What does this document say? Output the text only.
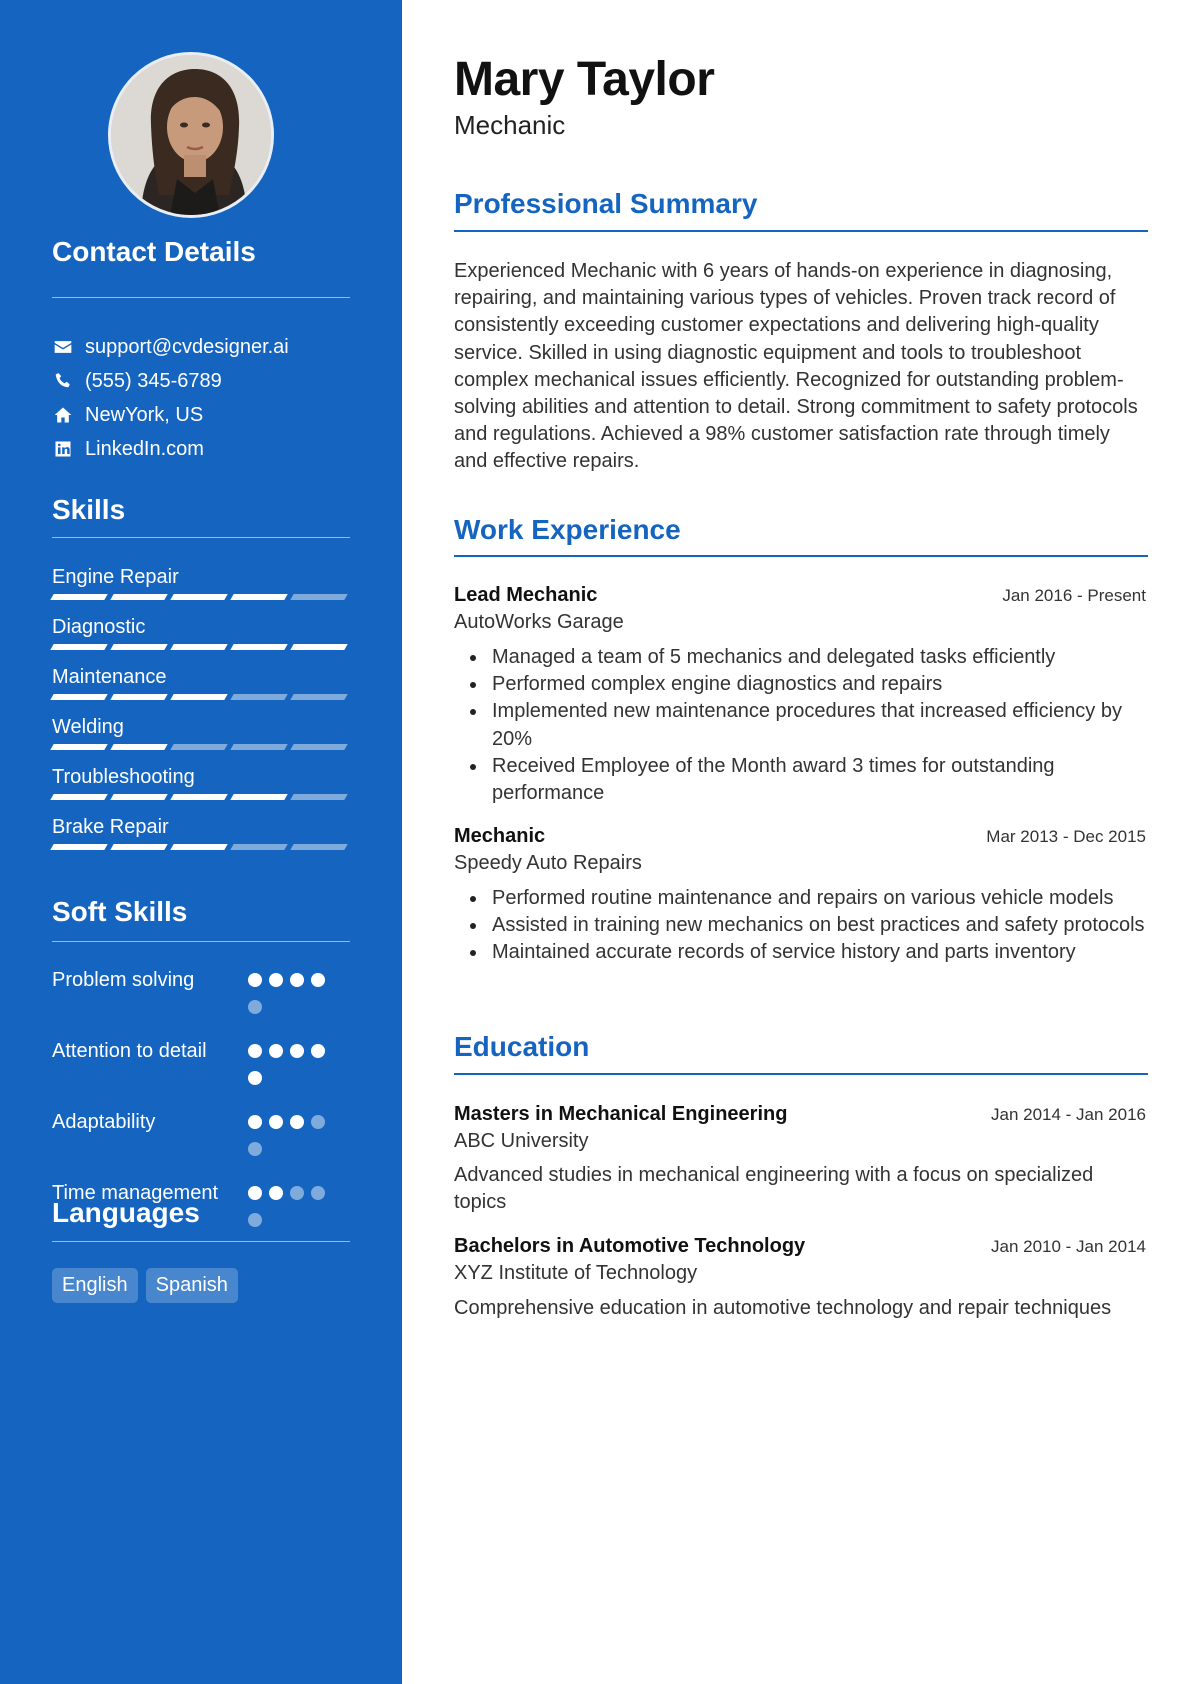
Contact Details
support@cvdesigner.ai
(555) 345-6789
NewYork, US
LinkedIn.com
Skills
Engine Repair
Diagnostic
Maintenance
Welding
Troubleshooting
Brake Repair
Soft Skills
Problem solving
Attention to detail
Adaptability
Time management
Languages
English	Spanish
Mary Taylor
Mechanic
Professional Summary
Experienced Mechanic with 6 years of hands-on experience in diagnosing, repairing, and maintaining various types of vehicles. Proven track record of consistently exceeding customer expectations and delivering high-quality service. Skilled in using diagnostic equipment and tools to troubleshoot complex mechanical issues efficiently. Recognized for outstanding problem-solving abilities and attention to detail. Strong commitment to safety protocols and regulations. Achieved a 98% customer satisfaction rate through timely and effective repairs.
Work Experience
Lead Mechanic	Jan 2016 - Present
AutoWorks Garage
Managed a team of 5 mechanics and delegated tasks efficiently
Performed complex engine diagnostics and repairs
Implemented new maintenance procedures that increased efficiency by 20%
Received Employee of the Month award 3 times for outstanding performance
Mechanic	Mar 2013 - Dec 2015
Speedy Auto Repairs
Performed routine maintenance and repairs on various vehicle models
Assisted in training new mechanics on best practices and safety protocols
Maintained accurate records of service history and parts inventory
Education
Masters in Mechanical Engineering	Jan 2014 - Jan 2016
ABC University
Advanced studies in mechanical engineering with a focus on specialized topics
Bachelors in Automotive Technology	Jan 2010 - Jan 2014
XYZ Institute of Technology
Comprehensive education in automotive technology and repair techniques
